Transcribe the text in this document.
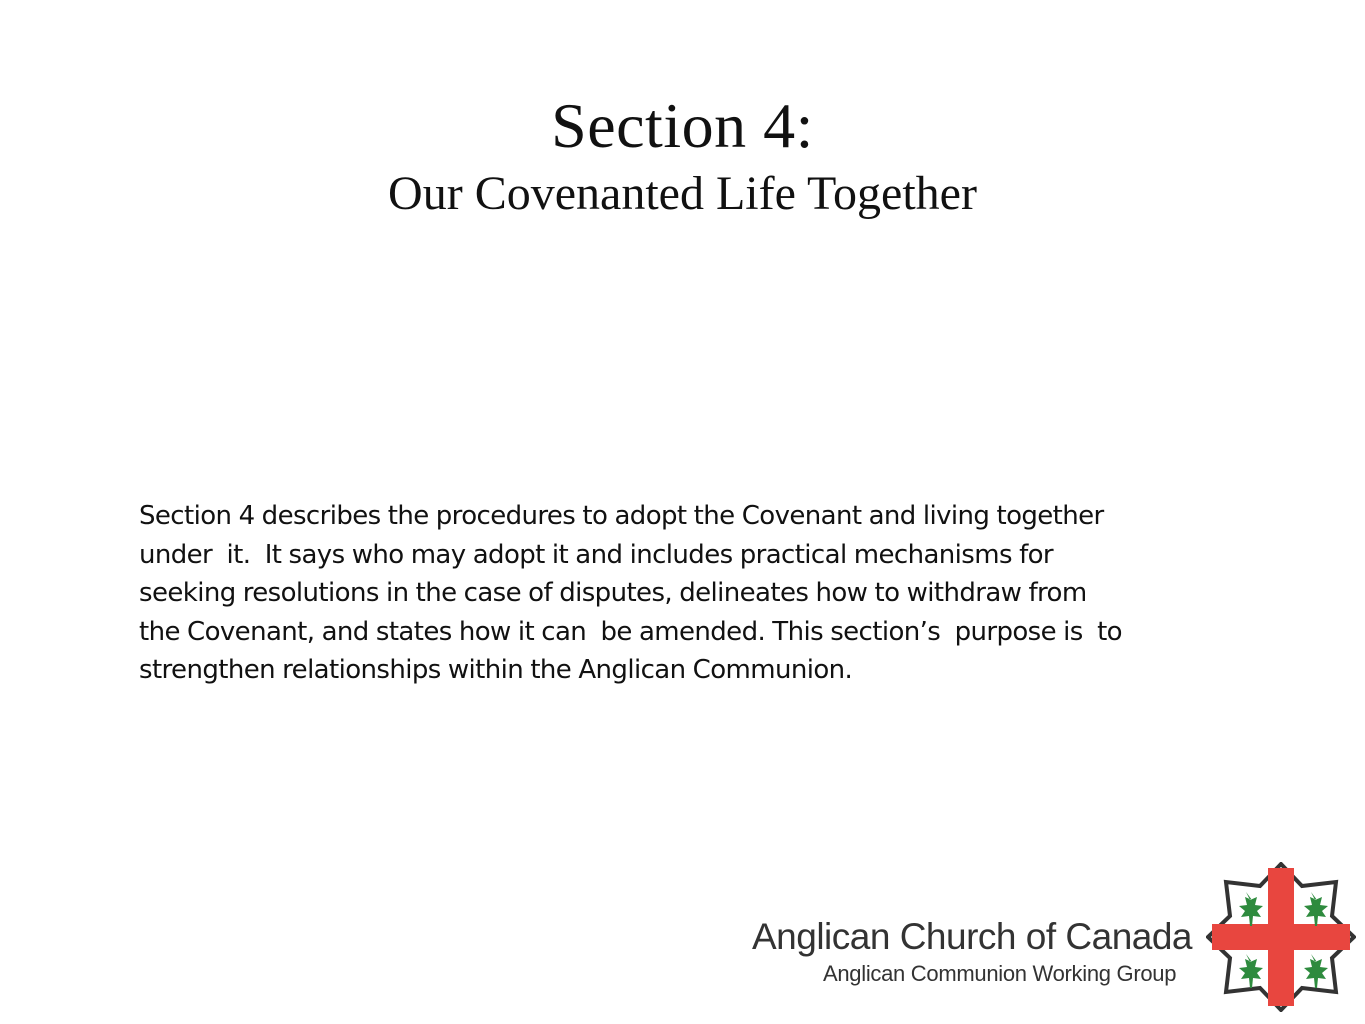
Section 4:
Our Covenanted Life Together
Section 4 describes the procedures to adopt the Covenant and living together
under  it.  It says who may adopt it and includes practical mechanisms for
seeking resolutions in the case of disputes, delineates how to withdraw from
the Covenant, and states how it can  be amended. This section’s  purpose is  to
strengthen relationships within the Anglican Communion.
Anglican Church of Canada
Anglican Communion Working Group
